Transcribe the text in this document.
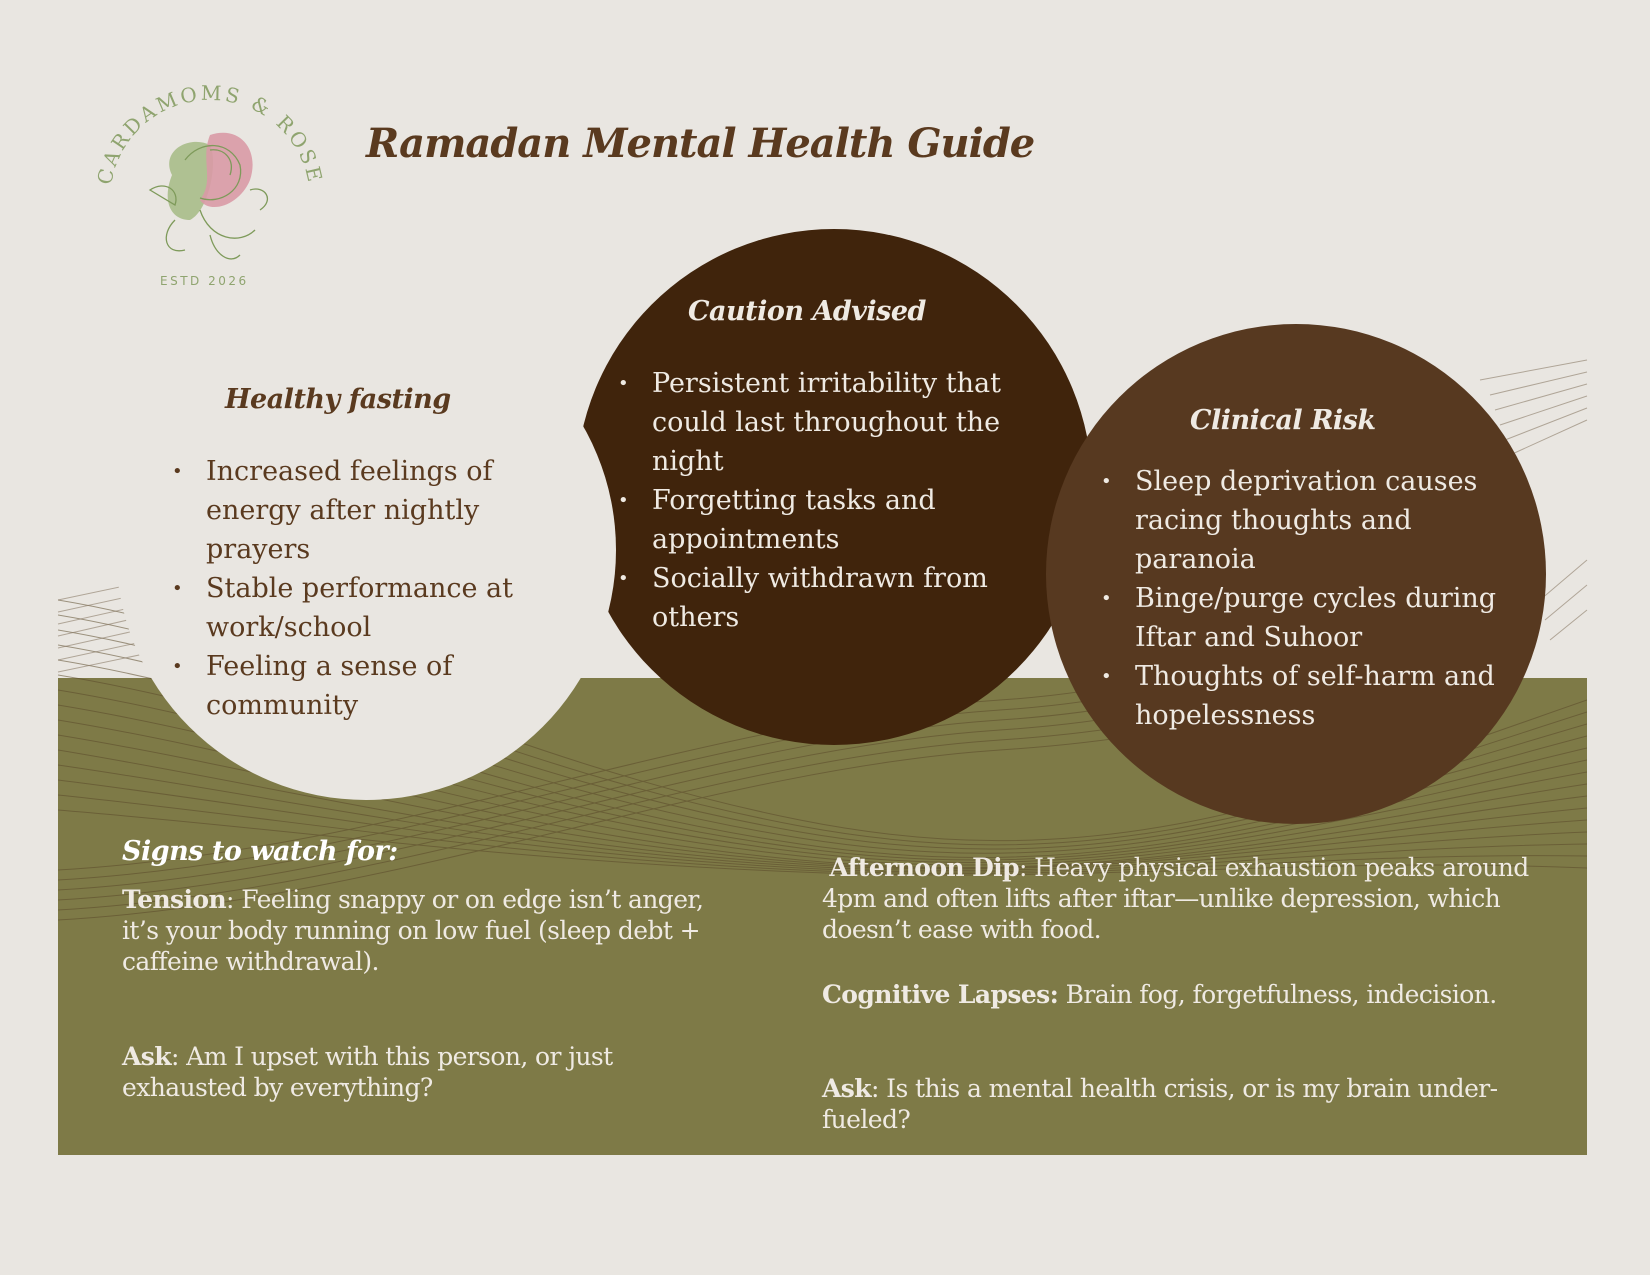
CARDAMOMS & ROSE
ESTD 2026
Ramadan Mental Health Guide
Healthy fasting
• Increased feelings of energy after nightly prayers
• Stable performance at work/school
• Feeling a sense of community
Caution Advised
• Persistent irritability that could last throughout the night
• Forgetting tasks and appointments
• Socially withdrawn from others
Clinical Risk
• Sleep deprivation causes racing thoughts and paranoia
• Binge/purge cycles during Iftar and Suhoor
• Thoughts of self-harm and hopelessness
Signs to watch for:
Tension: Feeling snappy or on edge isn’t anger, it’s your body running on low fuel (sleep debt + caffeine withdrawal).
Ask: Am I upset with this person, or just exhausted by everything?
Afternoon Dip: Heavy physical exhaustion peaks around 4pm and often lifts after iftar—unlike depression, which doesn’t ease with food.
Cognitive Lapses: Brain fog, forgetfulness, indecision.
Ask: Is this a mental health crisis, or is my brain under-fueled?
